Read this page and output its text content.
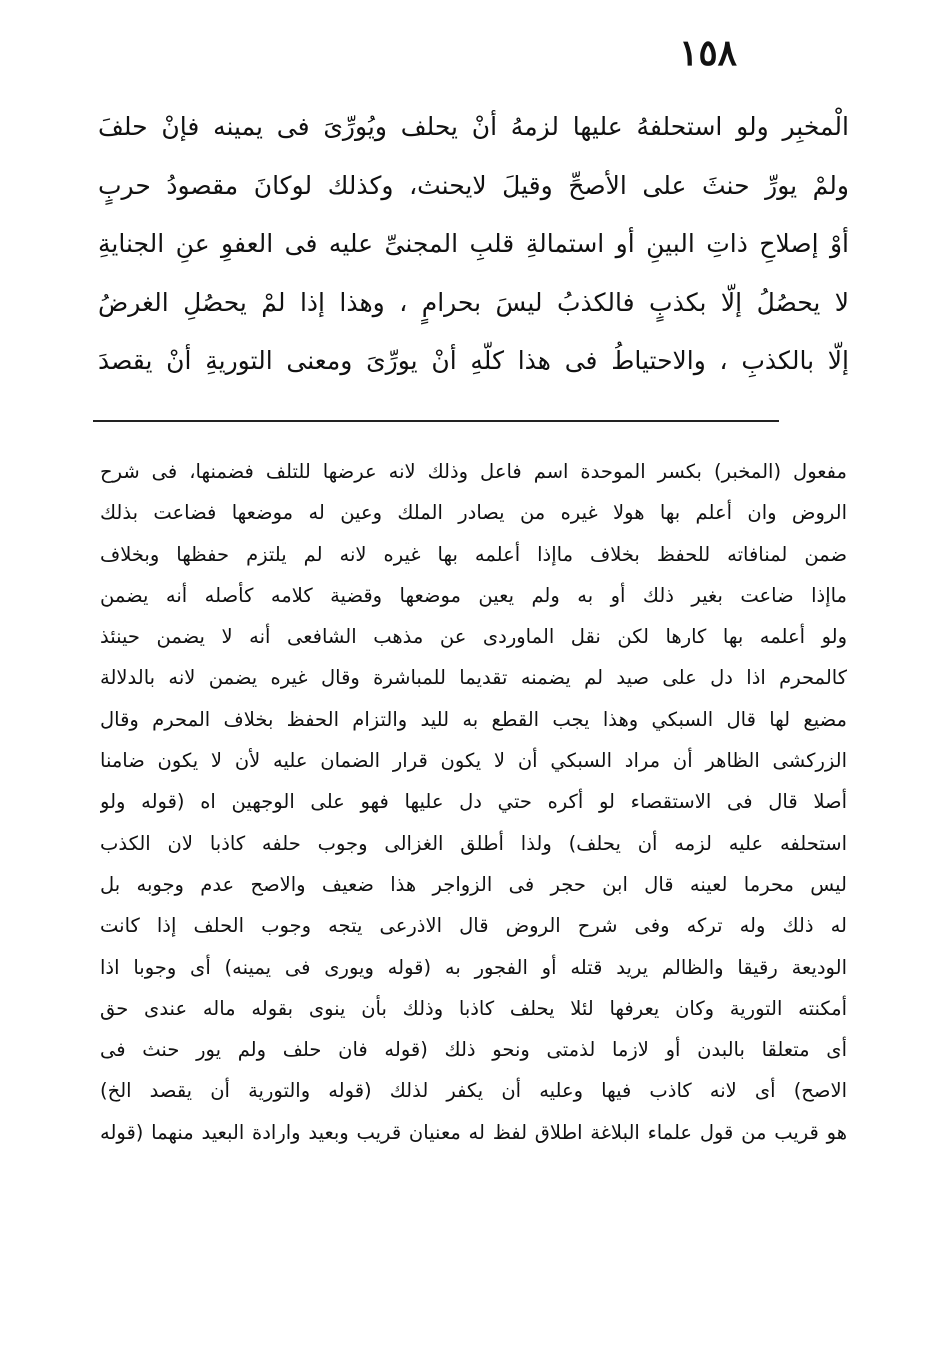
١٥٨
الْمخبِر ولو استحلفهُ عليها لزمهُ أنْ يحلف ويُورِّىَ فى يمينه فإنْ حلفَ
ولمْ يورِّ حنثَ على الأصحِّ وقيلَ لايحنث، وكذلك لوكانَ مقصودُ حربٍ
أوْ إصلاحِ ذاتِ البينِ أو استمالةِ قلبِ المجنىِّ عليه فى العفوِ عنِ الجنايةِ
لا يحصُلُ إلّا بكذبٍ فالكذبُ ليسَ بحرامٍ ، وهذا إذا لمْ يحصُلِ الغرضُ
إلّا بالكذبِ ، والاحتياطُ فى هذا كلّهِ أنْ يورِّىَ ومعنى التوريةِ أنْ يقصدَ
مفعول (المخبر) بكسر الموحدة اسم فاعل وذلك لانه عرضها للتلف فضمنها، فى شرح
الروض وان أعلم بها هولا غيره من يصادر الملك وعين له موضعها فضاعت بذلك
ضمن لمنافاته للحفظ بخلاف ماإذا أعلمه بها غيره لانه لم يلتزم حفظها وبخلاف
ماإذا ضاعت بغير ذلك أو به ولم يعين موضعها وقضية كلامه كأصله أنه يضمن
ولو أعلمه بها كارها لكن نقل الماوردى عن مذهب الشافعى أنه لا يضمن حينئذ
كالمحرم اذا دل على صيد لم يضمنه تقديما للمباشرة وقال غيره يضمن لانه بالدلالة
مضيع لها قال السبكي وهذا يجب القطع به لليد والتزام الحفظ بخلاف المحرم وقال
الزركشى الظاهر أن مراد السبكي أن لا يكون قرار الضمان عليه لأن لا يكون ضامنا
أصلا قال فى الاستقصاء لو أكره حتي دل عليها فهو على الوجهين اه (قوله ولو
استحلفه عليه لزمه أن يحلف) ولذا أطلق الغزالى وجوب حلفه كاذبا لان الكذب
ليس محرما لعينه قال ابن حجر فى الزواجر هذا ضعيف والاصح عدم وجوبه بل
له ذلك وله تركه وفى شرح الروض قال الاذرعى يتجه وجوب الحلف إذا كانت
الوديعة رقيقا والظالم يريد قتله أو الفجور به (قوله ويورى فى يمينه) أى وجوبا اذا
أمكنته التورية وكان يعرفها لئلا يحلف كاذبا وذلك بأن ينوى بقوله ماله عندى حق
أى متعلقا بالبدن أو لازما لذمتى ونحو ذلك (قوله فان حلف ولم يور حنث فى
الاصح) أى لانه كاذب فيها وعليه أن يكفر لذلك (قوله والتورية أن يقصد الخ)
هو قريب من قول علماء البلاغة اطلاق لفظ له معنيان قريب وبعيد وارادة البعيد منهما (قوله
